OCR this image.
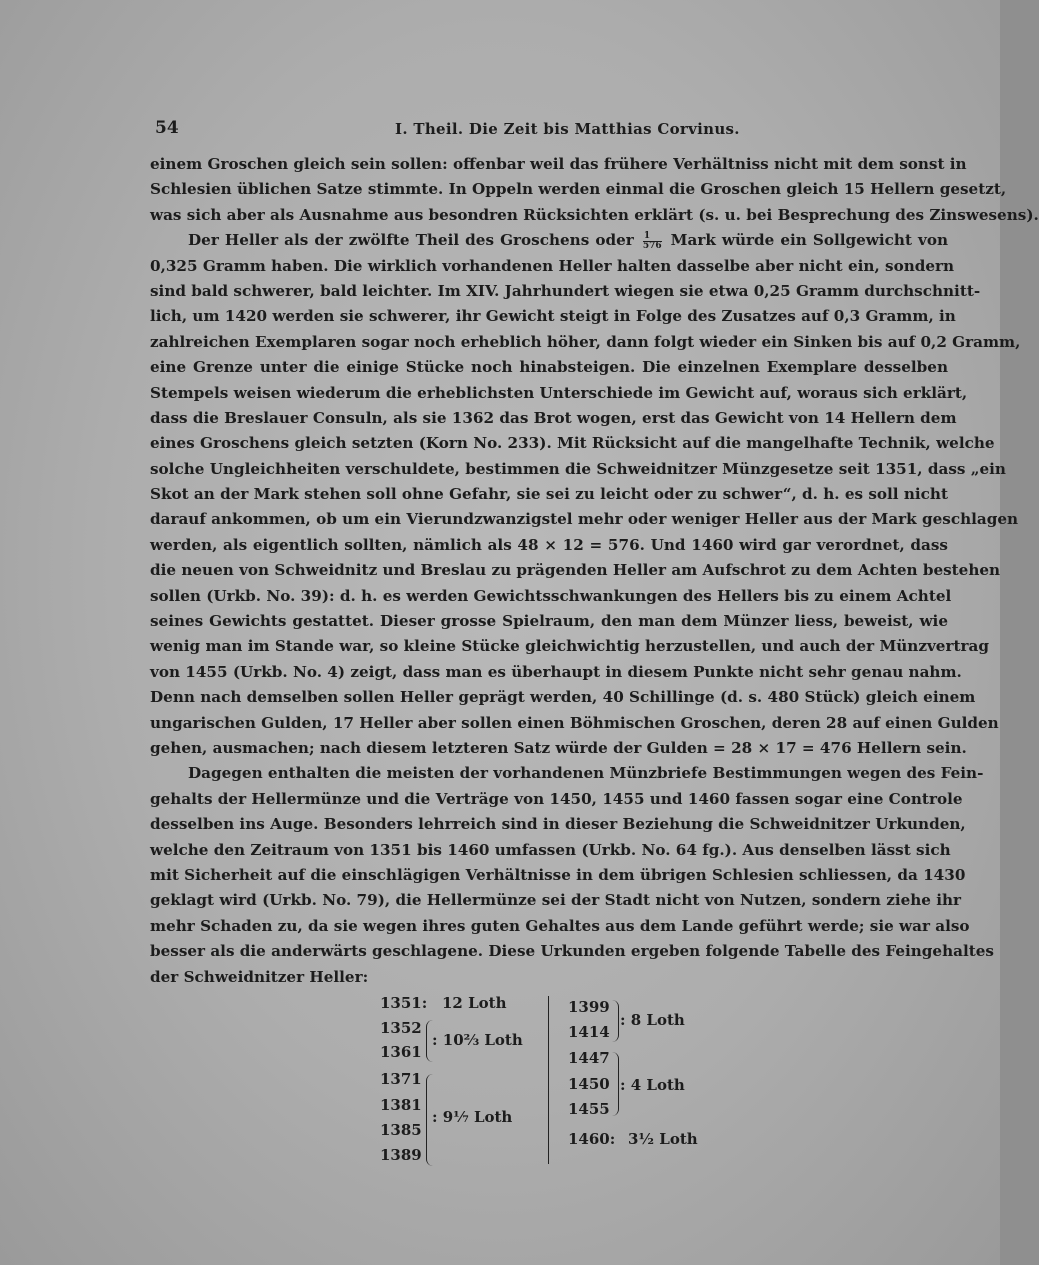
54	I. Theil. Die Zeit bis Matthias Corvinus.
einem Groschen gleich sein sollen: offenbar weil das frühere Verhältniss nicht mit dem sonst in
Schlesien üblichen Satze stimmte. In Oppeln werden einmal die Groschen gleich 15 Hellern gesetzt,
was sich aber als Ausnahme aus besondren Rücksichten erklärt (s. u. bei Besprechung des Zinswesens).
Der Heller als der zwölfte Theil des Groschens oder $\frac{1}{576}$ Mark würde ein Sollgewicht von
0,325 Gramm haben. Die wirklich vorhandenen Heller halten dasselbe aber nicht ein, sondern
sind bald schwerer, bald leichter. Im XIV. Jahrhundert wiegen sie etwa 0,25 Gramm durchschnitt-
lich, um 1420 werden sie schwerer, ihr Gewicht steigt in Folge des Zusatzes auf 0,3 Gramm, in
zahlreichen Exemplaren sogar noch erheblich höher, dann folgt wieder ein Sinken bis auf 0,2 Gramm,
eine Grenze unter die einige Stücke noch hinabsteigen. Die einzelnen Exemplare desselben
Stempels weisen wiederum die erheblichsten Unterschiede im Gewicht auf, woraus sich erklärt,
dass die Breslauer Consuln, als sie 1362 das Brot wogen, erst das Gewicht von 14 Hellern dem
eines Groschens gleich setzten (Korn No. 233). Mit Rücksicht auf die mangelhafte Technik, welche
solche Ungleichheiten verschuldete, bestimmen die Schweidnitzer Münzgesetze seit 1351, dass „ein
Skot an der Mark stehen soll ohne Gefahr, sie sei zu leicht oder zu schwer“, d. h. es soll nicht
darauf ankommen, ob um ein Vierundzwanzigstel mehr oder weniger Heller aus der Mark geschlagen
werden, als eigentlich sollten, nämlich als 48 × 12 = 576. Und 1460 wird gar verordnet, dass
die neuen von Schweidnitz und Breslau zu prägenden Heller am Aufschrot zu dem Achten bestehen
sollen (Urkb. No. 39): d. h. es werden Gewichtsschwankungen des Hellers bis zu einem Achtel
seines Gewichts gestattet. Dieser grosse Spielraum, den man dem Münzer liess, beweist, wie
wenig man im Stande war, so kleine Stücke gleichwichtig herzustellen, und auch der Münzvertrag
von 1455 (Urkb. No. 4) zeigt, dass man es überhaupt in diesem Punkte nicht sehr genau nahm.
Denn nach demselben sollen Heller geprägt werden, 40 Schillinge (d. s. 480 Stück) gleich einem
ungarischen Gulden, 17 Heller aber sollen einen Böhmischen Groschen, deren 28 auf einen Gulden
gehen, ausmachen; nach diesem letzteren Satz würde der Gulden = 28 × 17 = 476 Hellern sein.
Dagegen enthalten die meisten der vorhandenen Münzbriefe Bestimmungen wegen des Fein-
gehalts der Hellermünze und die Verträge von 1450, 1455 und 1460 fassen sogar eine Controle
desselben ins Auge. Besonders lehrreich sind in dieser Beziehung die Schweidnitzer Urkunden,
welche den Zeitraum von 1351 bis 1460 umfassen (Urkb. No. 64 fg.). Aus denselben lässt sich
mit Sicherheit auf die einschlägigen Verhältnisse in dem übrigen Schlesien schliessen, da 1430
geklagt wird (Urkb. No. 79), die Hellermünze sei der Stadt nicht von Nutzen, sondern ziehe ihr
mehr Schaden zu, da sie wegen ihres guten Gehaltes aus dem Lande geführt werde; sie war also
besser als die anderwärts geschlagene. Diese Urkunden ergeben folgende Tabelle des Feingehaltes
der Schweidnitzer Heller:
1351: 12 Loth
1352
1361
: 10⅔ Loth
1371
1381
1385
1389
: 9⅐ Loth
1399
1414
: 8 Loth
1447
1450
1455
: 4 Loth
1460: 3½ Loth
